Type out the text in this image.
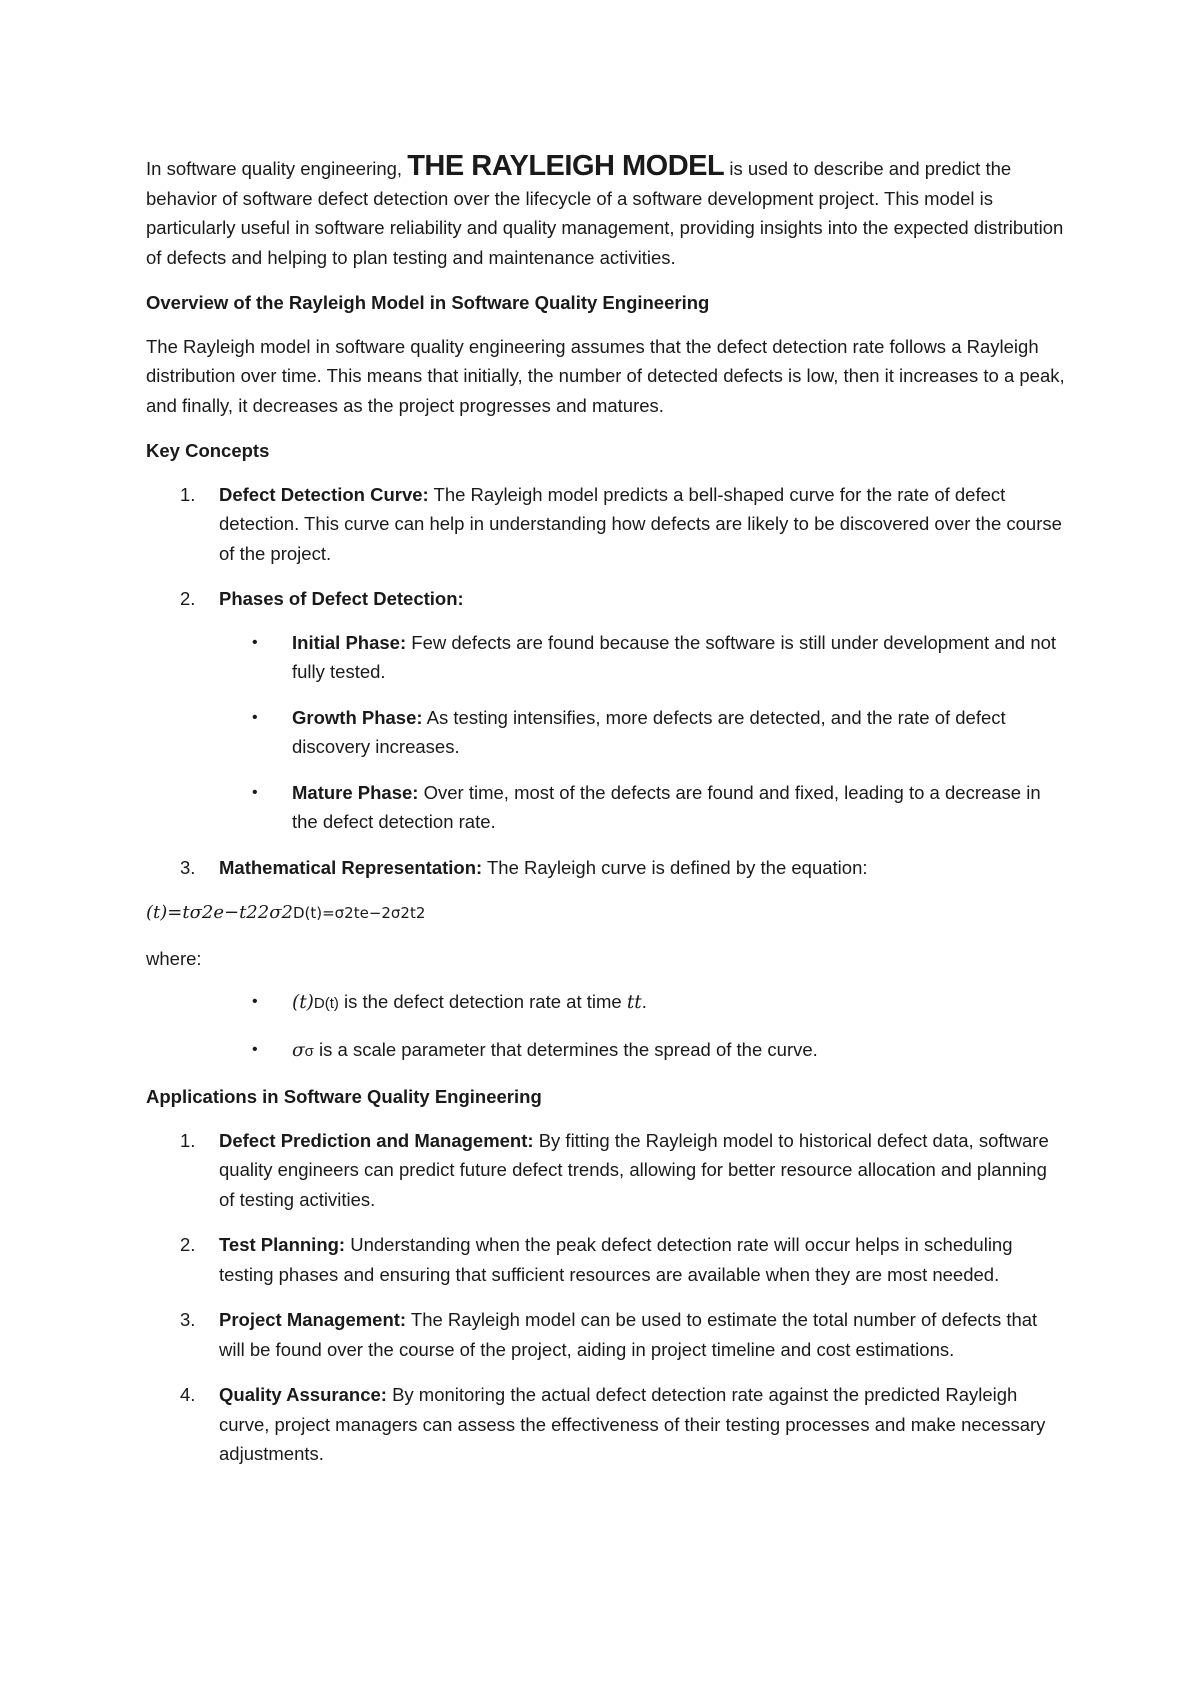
In software quality engineering, THE RAYLEIGH MODEL is used to describe and predict the behavior of software defect detection over the lifecycle of a software development project. This model is particularly useful in software reliability and quality management, providing insights into the expected distribution of defects and helping to plan testing and maintenance activities.

Overview of the Rayleigh Model in Software Quality Engineering

The Rayleigh model in software quality engineering assumes that the defect detection rate follows a Rayleigh distribution over time. This means that initially, the number of detected defects is low, then it increases to a peak, and finally, it decreases as the project progresses and matures.

Key Concepts
1. Defect Detection Curve: The Rayleigh model predicts a bell-shaped curve for the rate of defect detection. This curve can help in understanding how defects are likely to be discovered over the course of the project.
2. Phases of Defect Detection:
• Initial Phase: Few defects are found because the software is still under development and not fully tested.
• Growth Phase: As testing intensifies, more defects are detected, and the rate of defect discovery increases.
• Mature Phase: Over time, most of the defects are found and fixed, leading to a decrease in the defect detection rate.
3. Mathematical Representation: The Rayleigh curve is defined by the equation:

(𝑡)=𝑡𝜎2𝑒−𝑡22𝜎2D(t)=σ2te−2σ2t2

where:

• (𝑡)D(t) is the defect detection rate at time 𝑡𝑡.
• 𝜎σ is a scale parameter that determines the spread of the curve.
Applications in Software Quality Engineering
1. Defect Prediction and Management: By fitting the Rayleigh model to historical defect data, software quality engineers can predict future defect trends, allowing for better resource allocation and planning of testing activities.
2. Test Planning: Understanding when the peak defect detection rate will occur helps in scheduling testing phases and ensuring that sufficient resources are available when they are most needed.
3. Project Management: The Rayleigh model can be used to estimate the total number of defects that will be found over the course of the project, aiding in project timeline and cost estimations.
4. Quality Assurance: By monitoring the actual defect detection rate against the predicted Rayleigh curve, project managers can assess the effectiveness of their testing processes and make necessary adjustments.
